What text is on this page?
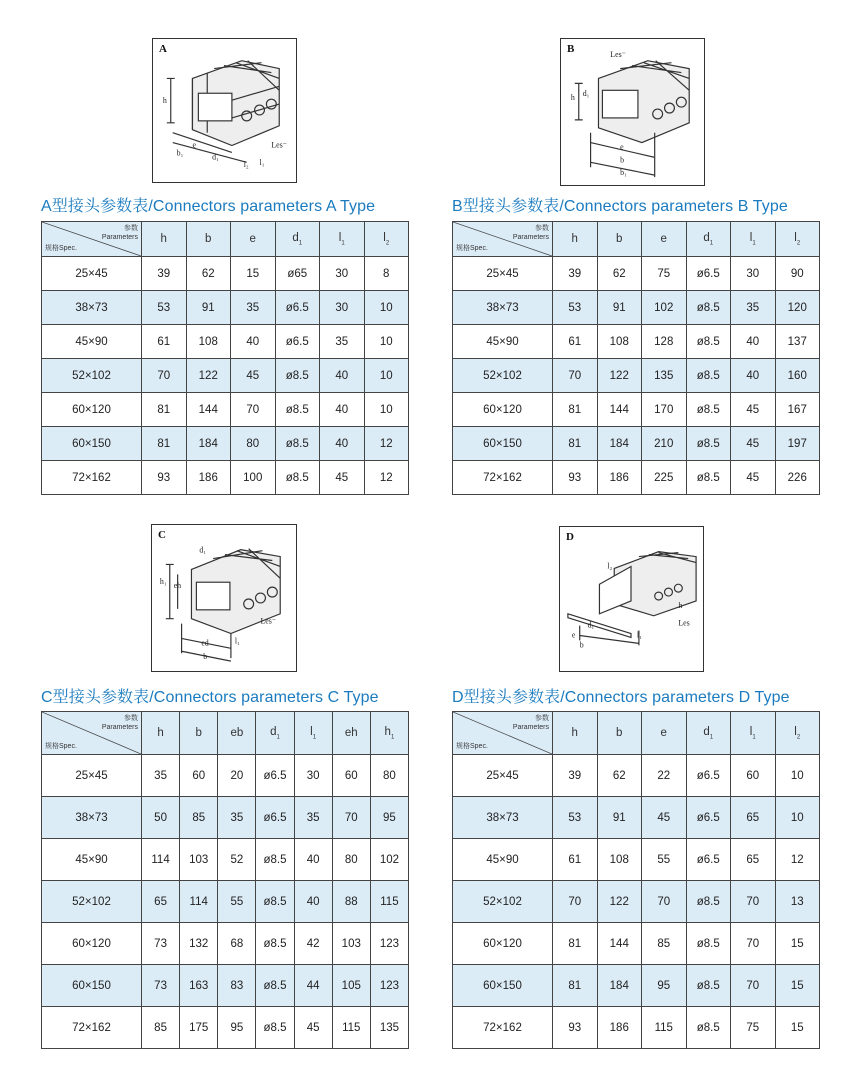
A
h
e
b₁	d₁
l₂ l₁
Les⁻
A型接头参数表/Connectors parameters A Type
参数
Parameters
规格Spec.	h	b	e	$d_1$	$l_1$	$l_2$
25×45	39	62	15	ø65	30	8
38×73	53	91	35	ø6.5	30	10
45×90	61	108	40	ø6.5	35	10
52×102	70	122	45	ø8.5	40	10
60×120	81	144	70	ø8.5	40	10
60×150	81	184	80	ø8.5	40	12
72×162	93	186	100	ø8.5	45	12
B
h d₁
Les⁻
e
b
b₁
B型接头参数表/Connectors parameters B Type
参数
Parameters
规格Spec.	h	b	e	$d_1$	$l_1$	$l_2$
25×45	39	62	75	ø6.5	30	90
38×73	53	91	102	ø8.5	35	120
45×90	61	108	128	ø8.5	40	137
52×102	70	122	135	ø8.5	40	160
60×120	81	144	170	ø8.5	45	167
60×150	81	184	210	ø8.5	45	197
72×162	93	186	225	ø8.5	45	226
C
d₁
h₁ eh
ed
b
l₁
Les⁻
C型接头参数表/Connectors parameters C Type
参数
Parameters
规格Spec.	h	b	eb	$d_1$	$l_1$	eh	$h_1$
25×45	35	60	20	ø6.5	30	60	80
38×73	50	85	35	ø6.5	35	70	95
45×90	114	103	52	ø8.5	40	80	102
52×102	65	114	55	ø8.5	40	88	115
60×120	73	132	68	ø8.5	42	103	123
60×150	73	163	83	ø8.5	44	105	123
72×162	85	175	95	ø8.5	45	115	135
D
l₂
h
d₁
e
b
l₁
Les
D型接头参数表/Connectors parameters D Type
参数
Parameters
规格Spec.	h	b	e	$d_1$	$l_1$	$l_2$
25×45	39	62	22	ø6.5	60	10
38×73	53	91	45	ø6.5	65	10
45×90	61	108	55	ø6.5	65	12
52×102	70	122	70	ø8.5	70	13
60×120	81	144	85	ø8.5	70	15
60×150	81	184	95	ø8.5	70	15
72×162	93	186	115	ø8.5	75	15
